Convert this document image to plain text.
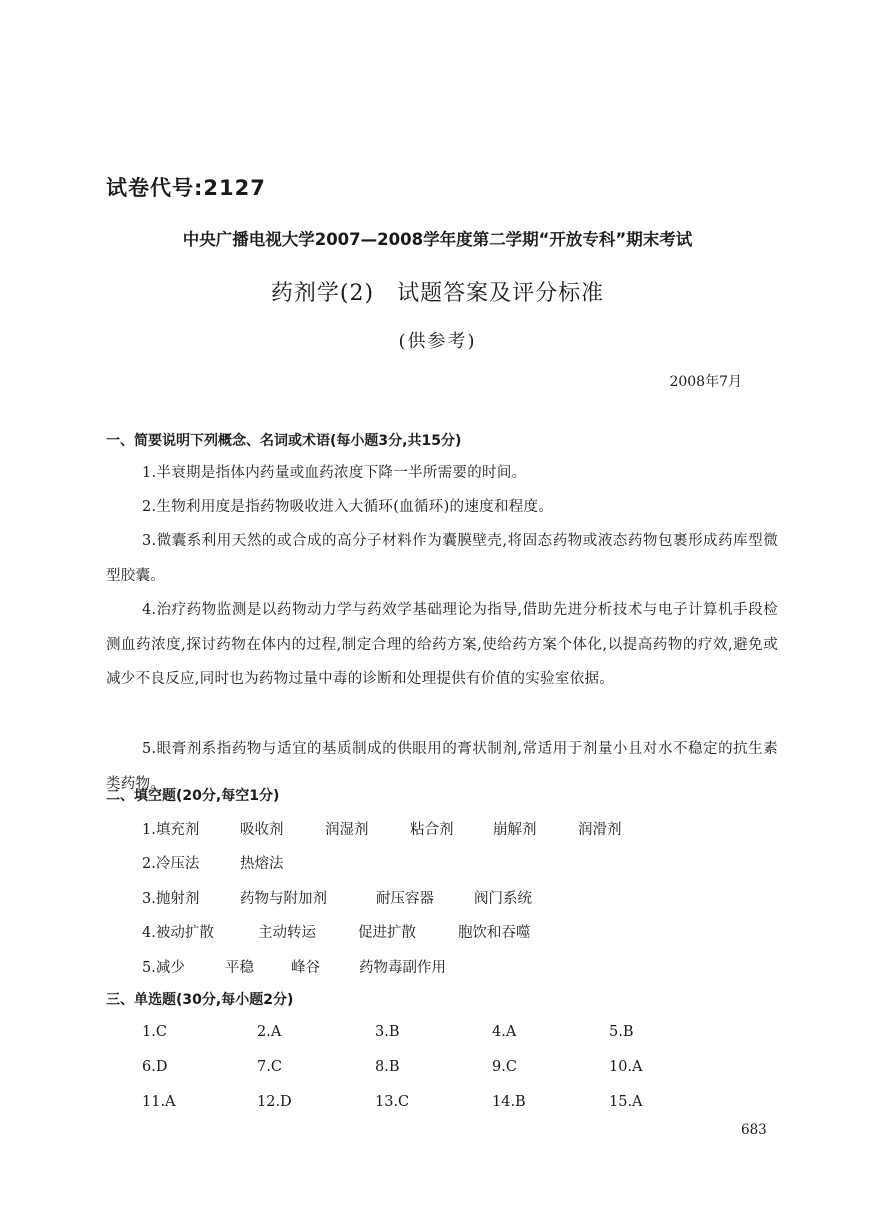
试卷代号:2127
中央广播电视大学2007—2008学年度第二学期“开放专科”期末考试
药剂学(2)　试题答案及评分标准
(供参考)
2008年7月
一、简要说明下列概念、名词或术语(每小题3分,共15分)
1.半衰期是指体内药量或血药浓度下降一半所需要的时间。
2.生物利用度是指药物吸收进入大循环(血循环)的速度和程度。
3.微囊系利用天然的或合成的高分子材料作为囊膜壁壳,将固态药物或液态药物包裹形成药库型微型胶囊。
4.治疗药物监测是以药物动力学与药效学基础理论为指导,借助先进分析技术与电子计算机手段检测血药浓度,探讨药物在体内的过程,制定合理的给药方案,使给药方案个体化,以提高药物的疗效,避免或减少不良反应,同时也为药物过量中毒的诊断和处理提供有价值的实验室依据。
5.眼膏剂系指药物与适宜的基质制成的供眼用的膏状制剂,常适用于剂量小且对水不稳定的抗生素类药物。
二、填空题(20分,每空1分)
1.填充剂	吸收剂	润湿剂	粘合剂	崩解剂	润滑剂
2.冷压法	热熔法
3.抛射剂	药物与附加剂	耐压容器	阀门系统
4.被动扩散	主动转运	促进扩散	胞饮和吞噬
5.减少	平稳	峰谷	药物毒副作用
三、单选题(30分,每小题2分)
1.C	2.A	3.B	4.A	5.B
6.D	7.C	8.B	9.C	10.A
11.A	12.D	13.C	14.B	15.A
683
